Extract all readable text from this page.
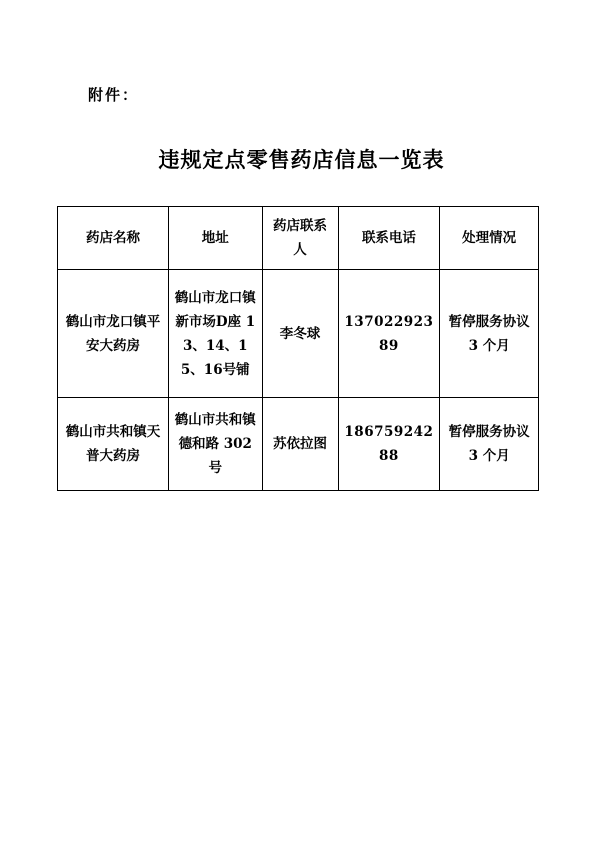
附件：
违规定点零售药店信息一览表
药店名称	地址	药店联系人	联系电话	处理情况
鹤山市龙口镇平安大药房	鹤山市龙口镇新市场D座 13、14、15、16号铺	李冬球	13702292389	暂停服务协议 3 个月
鹤山市共和镇天普大药房	鹤山市共和镇德和路 302 号	苏依拉图	18675924288	暂停服务协议 3 个月
